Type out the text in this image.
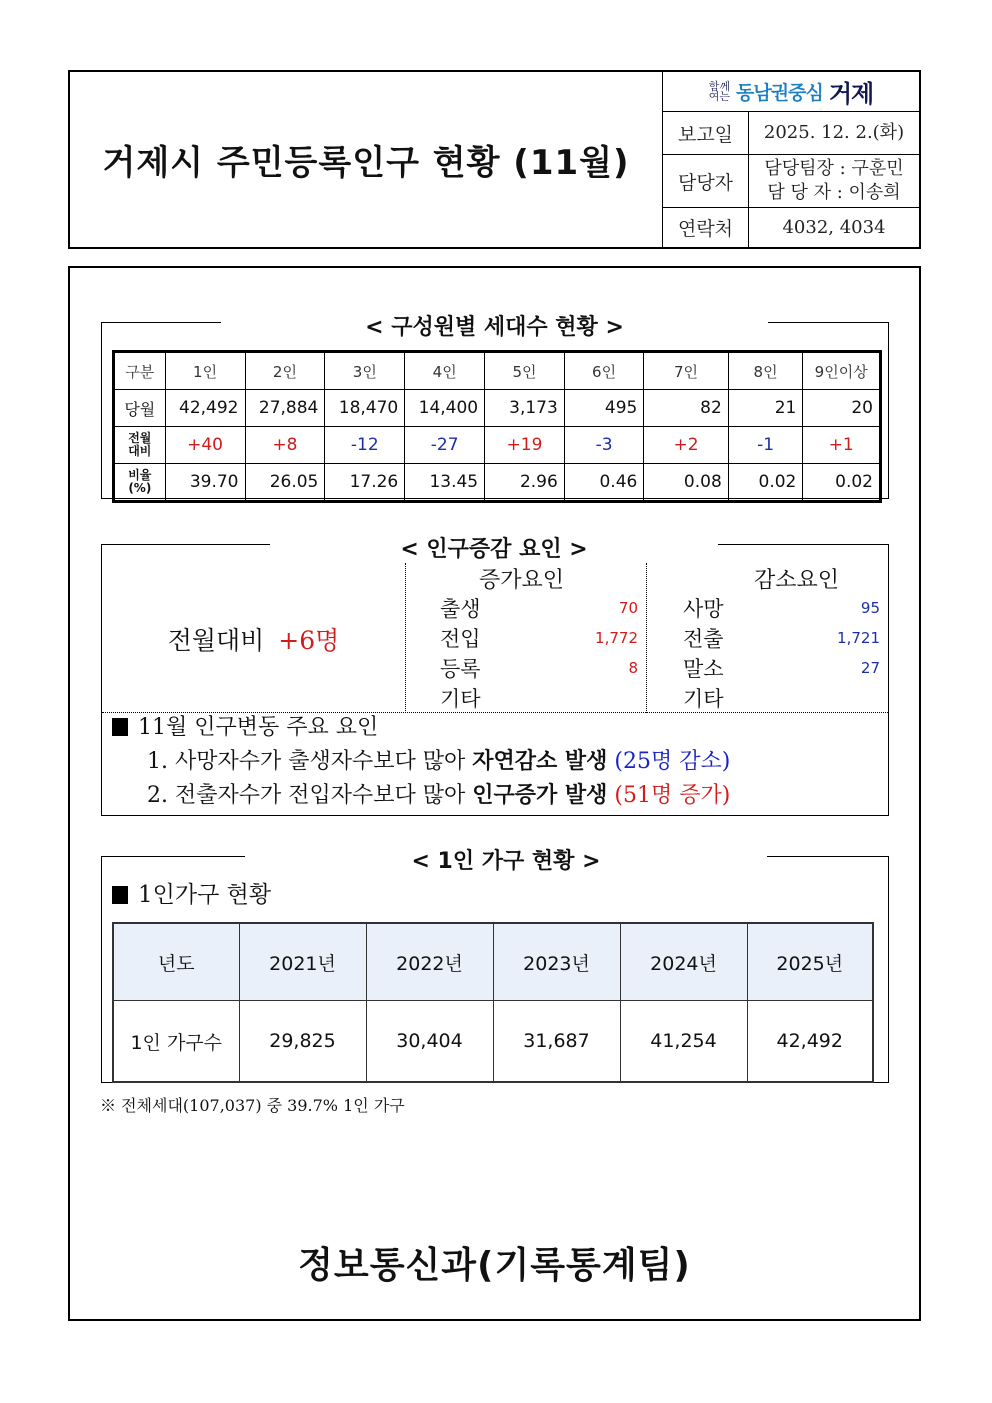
거제시 주민등록인구 현황 (11월)
함께
여는 동남권중심 거제
보고일	2025. 12. 2.(화)
담당자
담당팀장 : 구훈민
담 당 자 : 이송희
연락처	4032, 4034
< 구성원별 세대수 현황 >
구분	1인	2인	3인	4인	5인	6인	7인	8인	9인이상
당월	42,492	27,884	18,470	14,400	3,173	495	82	21	20

전월
대비	+40	+8	-12	-27	+19	-3	+2	-1	+1

비율
(%)	39.70	26.05	17.26	13.45	2.96	0.46	0.08	0.02	0.02
< 인구증감 요인 >
전월대비 +6명
증가요인
출생	70
전입	1,772
등록	8
기타
감소요인
사망	95
전출	1,721
말소	27
기타
11월 인구변동 주요 요인
1. 사망자수가 출생자수보다 많아 자연감소 발생 (25명 감소)
2. 전출자수가 전입자수보다 많아 인구증가 발생 (51명 증가)
< 1인 가구 현황 >
1인가구 현황
년도	2021년	2022년	2023년	2024년	2025년
1인 가구수	29,825	30,404	31,687	41,254	42,492
※ 전체세대(107,037) 중 39.7% 1인 가구
정보통신과(기록통계팀)
